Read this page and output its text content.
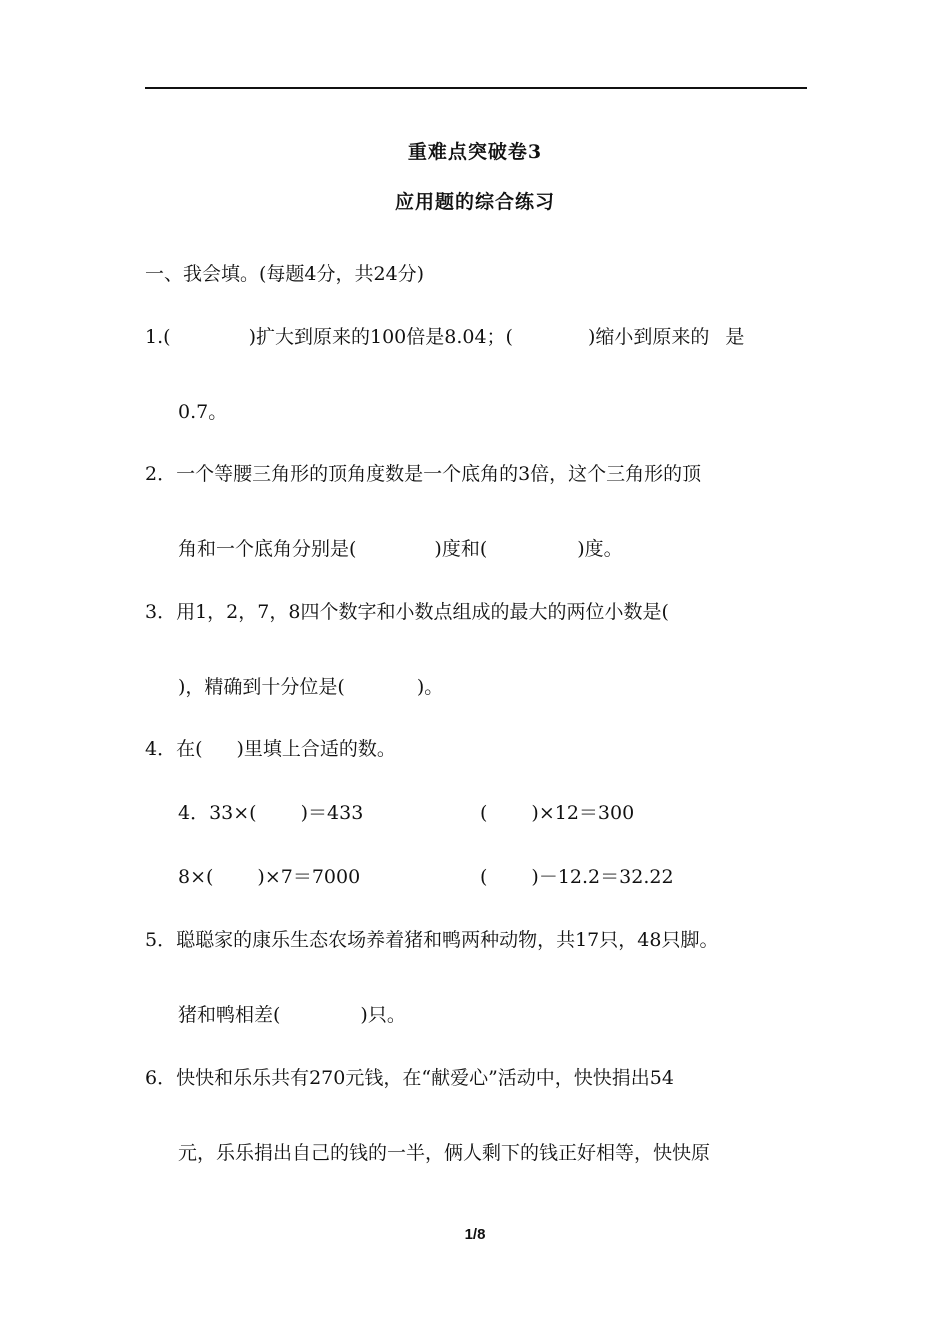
重难点突破卷3
应用题的综合练习
一、我会填。(每题4分，共24分)
1.(	)扩大到原来的100倍是8.04；(	)缩小到原来的 是
0.7。
2．一个等腰三角形的顶角度数是一个底角的3倍，这个三角形的顶
角和一个底角分别是(	)度和(	)度。
3．用1，2，7，8四个数字和小数点组成的最大的两位小数是(
)，精确到十分位是(	)。
4．在( )里填上合适的数。
4．33×( )＝433	( )×12＝300
8×( )×7＝7000	( )－12.2＝32.22
5．聪聪家的康乐生态农场养着猪和鸭两种动物，共17只，48只脚。
猪和鸭相差(	)只。
6．快快和乐乐共有270元钱，在“献爱心”活动中，快快捐出54
元，乐乐捐出自己的钱的一半，俩人剩下的钱正好相等，快快原
1/8
